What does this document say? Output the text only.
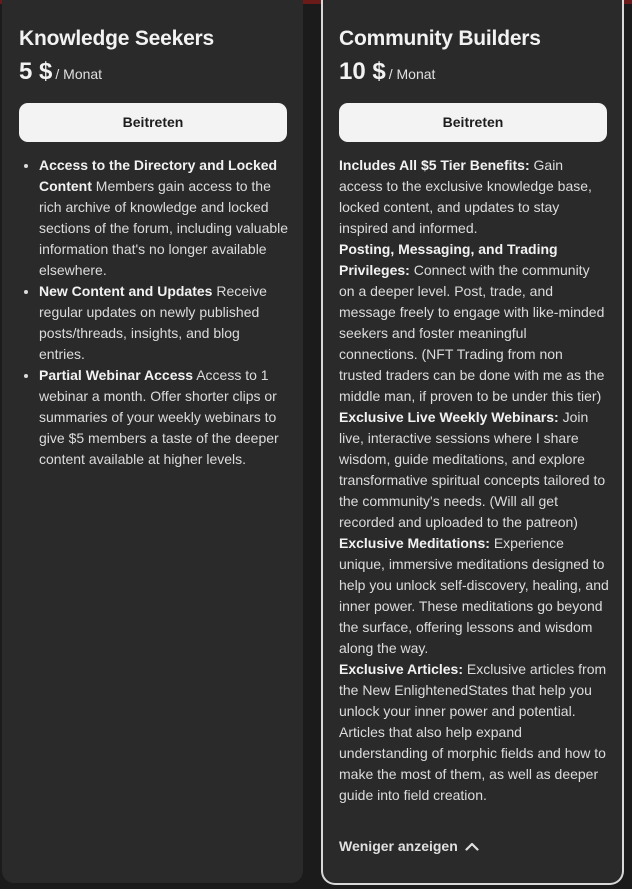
Knowledge Seekers
5 $ / Monat
Beitreten
• Access to the Directory and Locked Content Members gain access to the rich archive of knowledge and locked sections of the forum, including valuable information that's no longer available elsewhere.
• New Content and Updates Receive regular updates on newly published posts/threads, insights, and blog entries.
• Partial Webinar Access Access to 1 webinar a month. Offer shorter clips or summaries of your weekly webinars to give $5 members a taste of the deeper content available at higher levels.
Community Builders
10 $ / Monat
Beitreten

Includes All $5 Tier Benefits: Gain access to the exclusive knowledge base, locked content, and updates to stay inspired and informed.

Posting, Messaging, and Trading Privileges: Connect with the community on a deeper level. Post, trade, and message freely to engage with like-minded seekers and foster meaningful connections. (NFT Trading from non trusted traders can be done with me as the middle man, if proven to be under this tier)

Exclusive Live Weekly Webinars: Join live, interactive sessions where I share wisdom, guide meditations, and explore transformative spiritual concepts tailored to the community's needs. (Will all get recorded and uploaded to the patreon)

Exclusive Meditations: Experience unique, immersive meditations designed to help you unlock self-discovery, healing, and inner power. These meditations go beyond the surface, offering lessons and wisdom along the way.

Exclusive Articles: Exclusive articles from the New EnlightenedStates that help you unlock your inner power and potential. Articles that also help expand understanding of morphic fields and how to make the most of them, as well as deeper guide into field creation.

Weniger anzeigen
